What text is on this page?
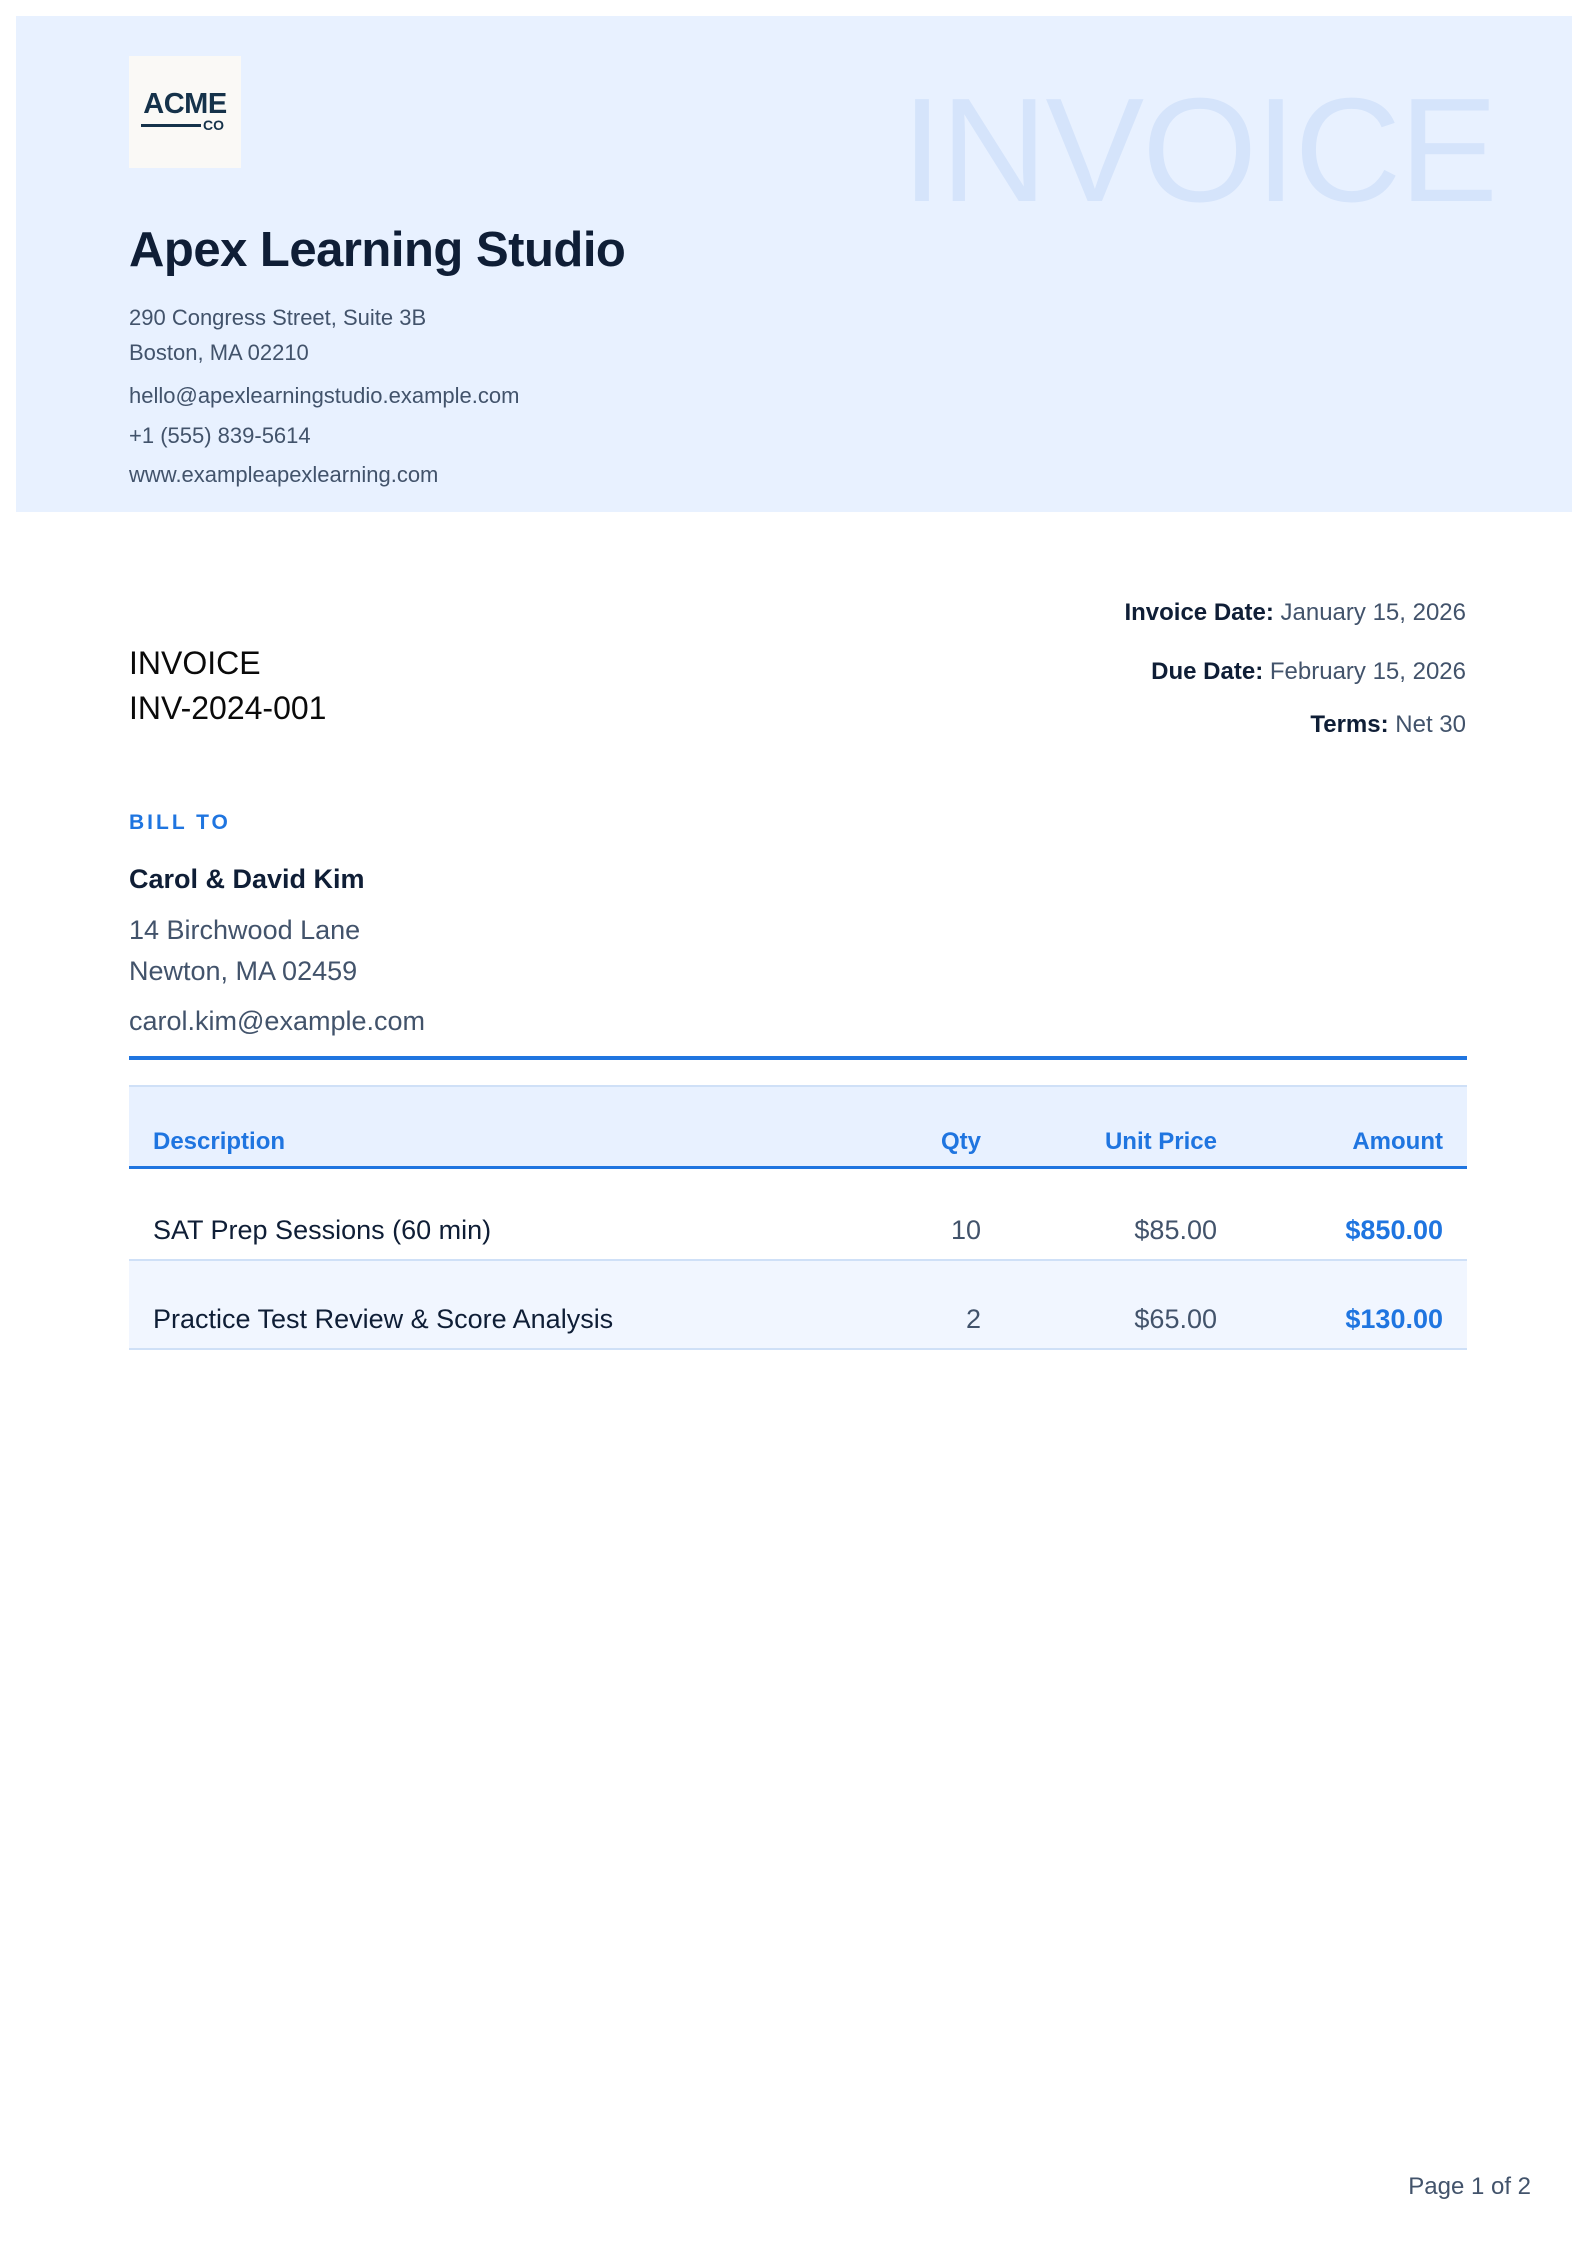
ACME
CO	INVOICE
Apex Learning Studio
290 Congress Street, Suite 3B
Boston, MA 02210
hello@apexlearningstudio.example.com
+1 (555) 839-5614
www.exampleapexlearning.com
Invoice Date: January 15, 2026
Due Date: February 15, 2026
Terms: Net 30
INVOICE
INV-2024-001
BILL TO
Carol & David Kim
14 Birchwood Lane
Newton, MA 02459
carol.kim@example.com
Description	Qty	Unit Price	Amount
SAT Prep Sessions (60 min)	10	$85.00	$850.00
Practice Test Review & Score Analysis	2	$65.00	$130.00
Page 1 of 2
